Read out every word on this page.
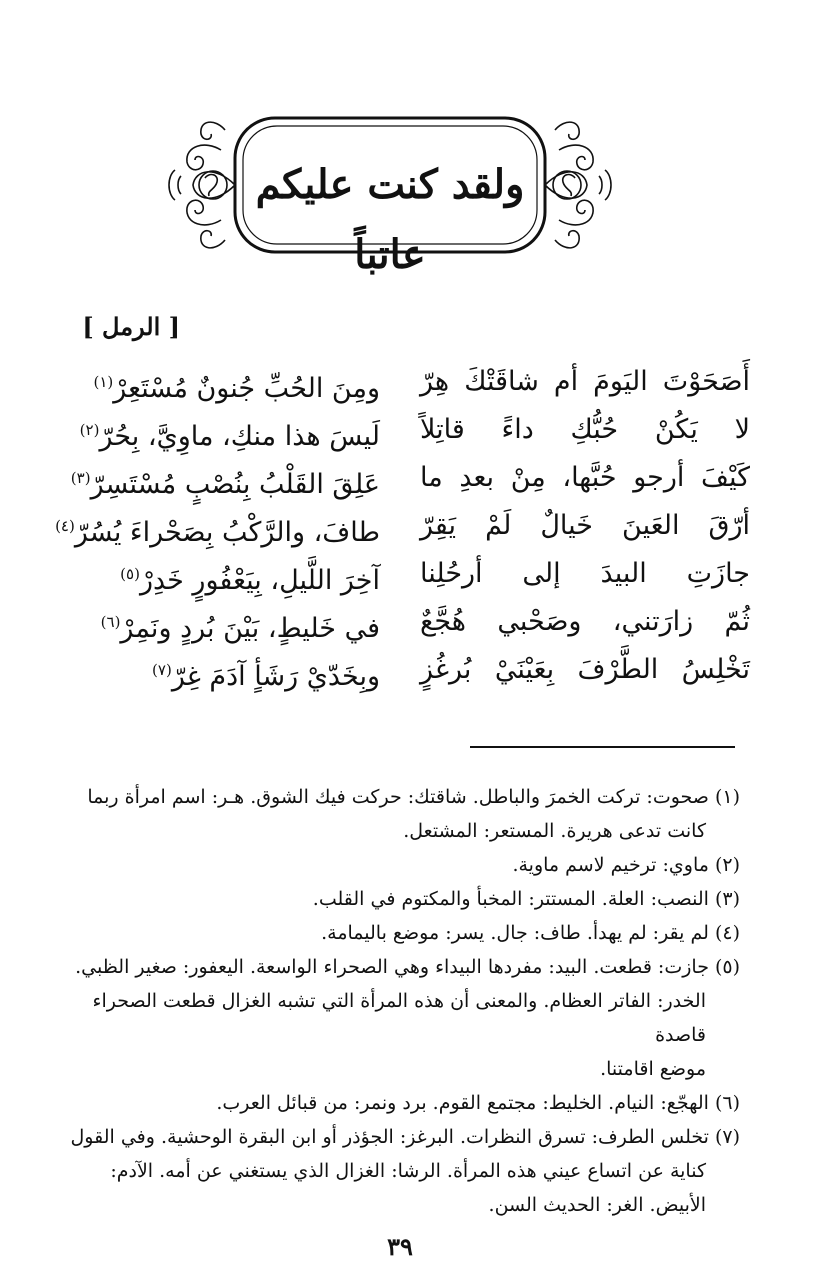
ولقد كنت عليكم عاتباً
[ الرمل ]
أَصَحَوْتَ اليَومَ أم شاقَتْكَ هِرّ
ومِنَ الحُبِّ جُنونٌ مُسْتَعِرْ$^{(١)}$
لا يَكُنْ حُبُّكِ داءً قاتِلاً
لَيسَ هذا منكِ، ماوِيَّ، بِحُرّ$^{(٢)}$
كَيْفَ أرجو حُبَّها، مِنْ بعدِ ما
عَلِقَ القَلْبُ بِنُصْبٍ مُسْتَسِرّ$^{(٣)}$
أرّقَ العَينَ خَيالٌ لَمْ يَقِرّ
طافَ، والرَّكْبُ بِصَحْراءَ يُسُرّ$^{(٤)}$
جازَتِ البيدَ إلى أرحُلِنا
آخِرَ اللَّيلِ، بِيَعْفُورٍ خَدِرْ$^{(٥)}$
ثُمّ زارَتني، وصَحْبي هُجَّعٌ
في خَليطٍ، بَيْنَ بُردٍ ونَمِرْ$^{(٦)}$
تَخْلِسُ الطَّرْفَ بِعَيْنَيْ بُرغُزٍ
وبِخَدّيْ رَشَأٍ آدَمَ غِرّ$^{(٧)}$

(١)صحوت: تركت الخمرَ والباطل. شاقتك: حركت فيك الشوق. هـر: اسم امرأة ربما

كانت تدعى هريرة. المستعر: المشتعل.

(٢)ماوي: ترخيم لاسم ماوية.

(٣)النصب: العلة. المستتر: المخبأ والمكتوم في القلب.

(٤)لم يقر: لم يهدأ. طاف: جال. يسر: موضع باليمامة.

(٥)جازت: قطعت. البيد: مفردها البيداء وهي الصحراء الواسعة. اليعفور: صغير الظبي.

الخدر: الفاتر العظام. والمعنى أن هذه المرأة التي تشبه الغزال قطعت الصحراء قاصدة

موضع اقامتنا.

(٦)الهجّع: النيام. الخليط: مجتمع القوم. برد ونمر: من قبائل العرب.

(٧)تخلس الطرف: تسرق النظرات. البرغز: الجؤذر أو ابن البقرة الوحشية. وفي القول

كناية عن اتساع عيني هذه المرأة. الرشا: الغزال الذي يستغني عن أمه. الآدم:

الأبيض. الغر: الحديث السن.

٣٩
